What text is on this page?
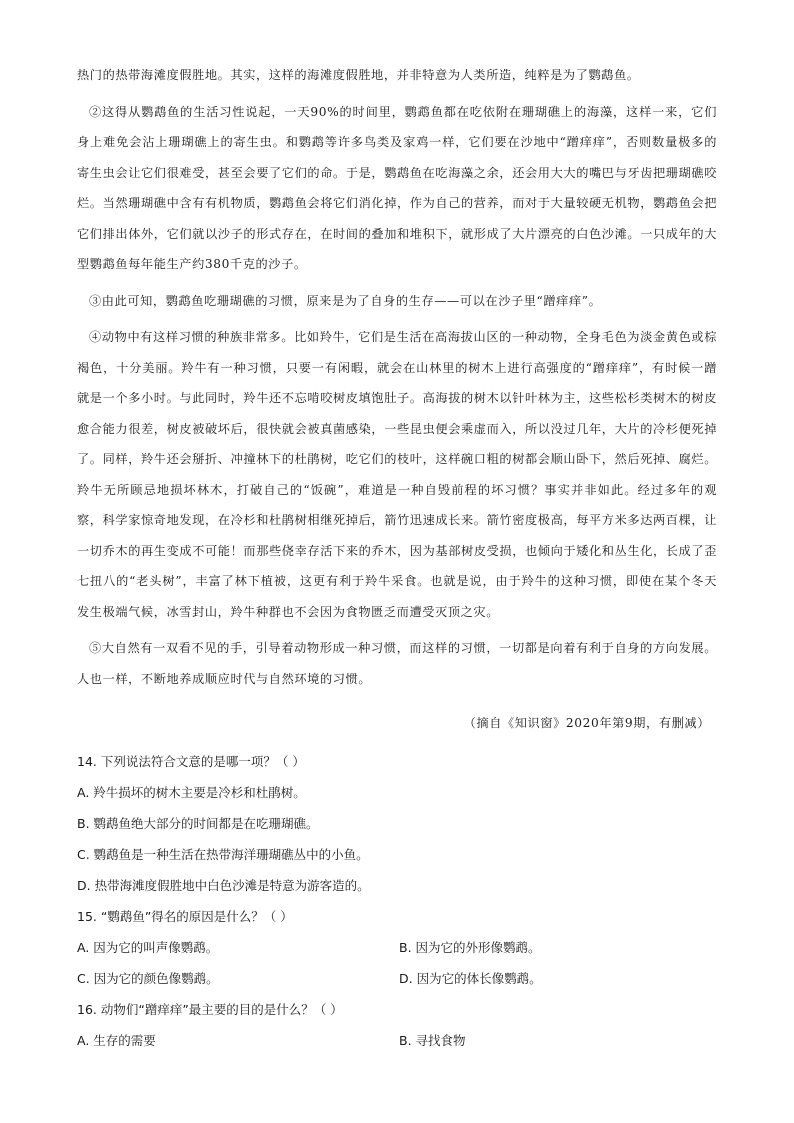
热门的热带海滩度假胜地。其实，这样的海滩度假胜地，并非特意为人类所造，纯粹是为了鹦鹉鱼。

②这得从鹦鹉鱼的生活习性说起，一天90%的时间里，鹦鹉鱼都在吃依附在珊瑚礁上的海藻，这样一来，它们身上难免会沾上珊瑚礁上的寄生虫。和鹦鹉等许多鸟类及家鸡一样，它们要在沙地中“蹭痒痒”，否则数量极多的寄生虫会让它们很难受，甚至会要了它们的命。于是，鹦鹉鱼在吃海藻之余，还会用大大的嘴巴与牙齿把珊瑚礁咬烂。当然珊瑚礁中含有有机物质，鹦鹉鱼会将它们消化掉，作为自己的营养，而对于大量较硬无机物，鹦鹉鱼会把它们排出体外，它们就以沙子的形式存在，在时间的叠加和堆积下，就形成了大片漂亮的白色沙滩。一只成年的大型鹦鹉鱼每年能生产约380千克的沙子。

③由此可知，鹦鹉鱼吃珊瑚礁的习惯，原来是为了自身的生存——可以在沙子里“蹭痒痒”。

④动物中有这样习惯的种族非常多。比如羚牛，它们是生活在高海拔山区的一种动物，全身毛色为淡金黄色或棕褐色，十分美丽。羚牛有一种习惯，只要一有闲暇，就会在山林里的树木上进行高强度的“蹭痒痒”，有时候一蹭就是一个多小时。与此同时，羚牛还不忘啃咬树皮填饱肚子。高海拔的树木以针叶林为主，这些松杉类树木的树皮愈合能力很差，树皮被破坏后，很快就会被真菌感染，一些昆虫便会乘虚而入，所以没过几年，大片的冷杉便死掉了。同样，羚牛还会掰折、冲撞林下的杜鹃树，吃它们的枝叶，这样碗口粗的树都会顺山卧下，然后死掉、腐烂。羚牛无所顾忌地损坏林木，打破自己的“饭碗”，难道是一种自毁前程的坏习惯？事实并非如此。经过多年的观察，科学家惊奇地发现，在冷杉和杜鹃树相继死掉后，箭竹迅速成长来。箭竹密度极高，每平方米多达两百棵，让一切乔木的再生变成不可能！而那些侥幸存活下来的乔木，因为基部树皮受损，也倾向于矮化和丛生化，长成了歪七扭八的“老头树”，丰富了林下植被，这更有利于羚牛采食。也就是说，由于羚牛的这种习惯，即使在某个冬天发生极端气候，冰雪封山，羚牛种群也不会因为食物匮乏而遭受灭顶之灾。

⑤大自然有一双看不见的手，引导着动物形成一种习惯，而这样的习惯，一切都是向着有利于自身的方向发展。人也一样，不断地养成顺应时代与自然环境的习惯。

（摘自《知识窗》2020年第9期，有删减）
14. 下列说法符合文意的是哪一项？（ ）
A. 羚牛损坏的树木主要是冷杉和杜鹃树。
B. 鹦鹉鱼绝大部分的时间都是在吃珊瑚礁。
C. 鹦鹉鱼是一种生活在热带海洋珊瑚礁丛中的小鱼。
D. 热带海滩度假胜地中白色沙滩是特意为游客造的。
15. “鹦鹉鱼”得名的原因是什么？（ ）
A. 因为它的叫声像鹦鹉。	B. 因为它的外形像鹦鹉。
C. 因为它的颜色像鹦鹉。	D. 因为它的体长像鹦鹉。
16. 动物们“蹭痒痒”最主要的目的是什么？（ ）
A. 生存的需要	B. 寻找食物
